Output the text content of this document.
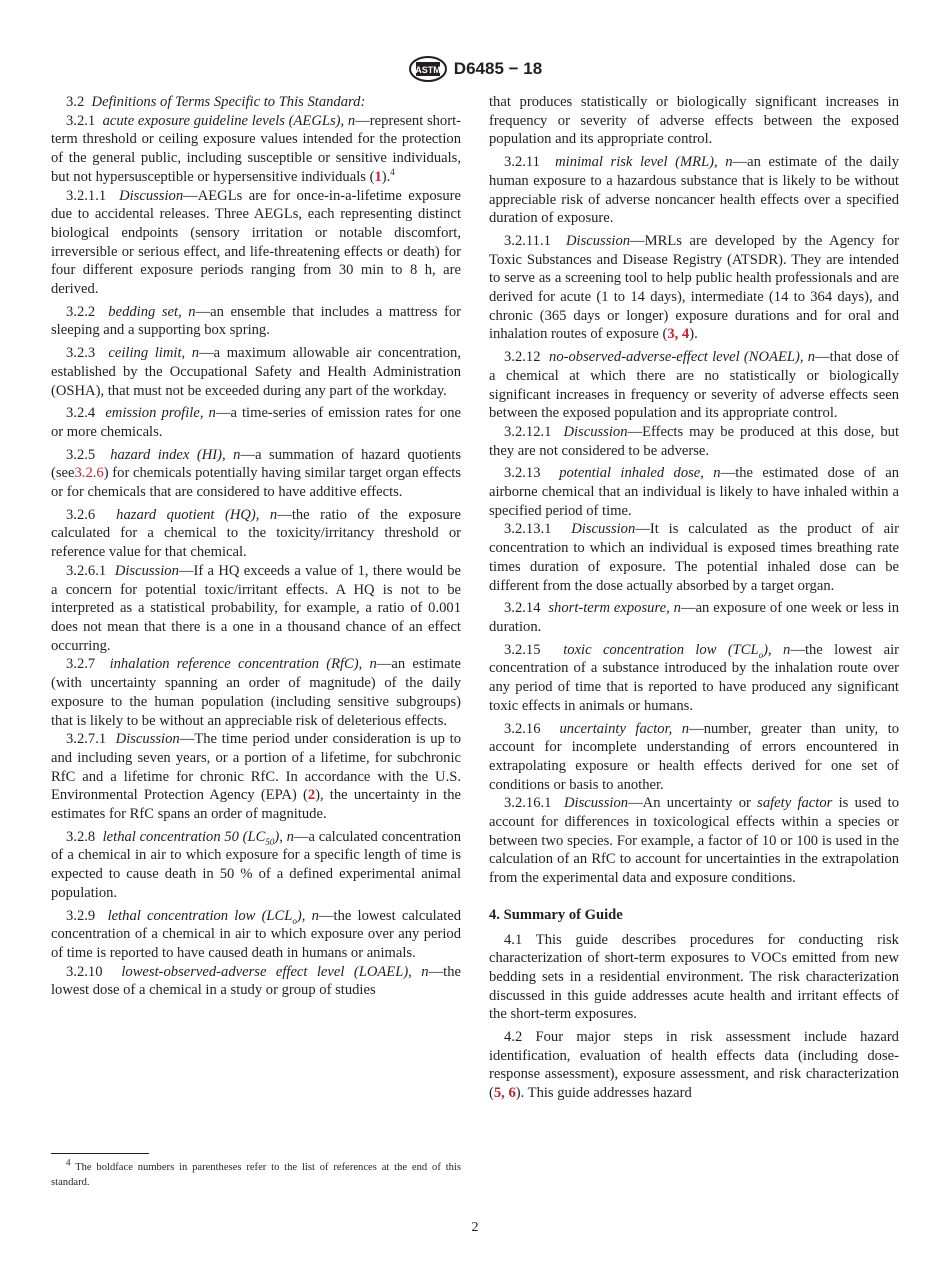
ASTM D6485 − 18

3.2 Definitions of Terms Specific to This Standard:

3.2.1 acute exposure guideline levels (AEGLs), n—represent short-term threshold or ceiling exposure values intended for the protection of the general public, including susceptible or sensitive individuals, but not hypersusceptible or hypersensitive individuals (1).$^4$

3.2.1.1 Discussion—AEGLs are for once-in-a-lifetime exposure due to accidental releases. Three AEGLs, each representing distinct biological endpoints (sensory irritation or notable discomfort, irreversible or serious effect, and life-threatening effects or death) for four different exposure periods ranging from 30 min to 8 h, are derived.

3.2.2 bedding set, n—an ensemble that includes a mattress for sleeping and a supporting box spring.

3.2.3 ceiling limit, n—a maximum allowable air concentration, established by the Occupational Safety and Health Administration (OSHA), that must not be exceeded during any part of the workday.

3.2.4 emission profile, n—a time-series of emission rates for one or more chemicals.

3.2.5 hazard index (HI), n—a summation of hazard quotients (see3.2.6) for chemicals potentially having similar target organ effects or for chemicals that are considered to have additive effects.

3.2.6 hazard quotient (HQ), n—the ratio of the exposure calculated for a chemical to the toxicity/irritancy threshold or reference value for that chemical.

3.2.6.1 Discussion—If a HQ exceeds a value of 1, there would be a concern for potential toxic/irritant effects. A HQ is not to be interpreted as a statistical probability, for example, a ratio of 0.001 does not mean that there is a one in a thousand chance of an effect occurring.

3.2.7 inhalation reference concentration (RfC), n—an estimate (with uncertainty spanning an order of magnitude) of the daily exposure to the human population (including sensitive subgroups) that is likely to be without an appreciable risk of deleterious effects.

3.2.7.1 Discussion—The time period under consideration is up to and including seven years, or a portion of a lifetime, for subchronic RfC and a lifetime for chronic RfC. In accordance with the U.S. Environmental Protection Agency (EPA) (2), the uncertainty in the estimates for RfC spans an order of magnitude.

3.2.8 lethal concentration 50 $(LC_{50})$, n—a calculated concentration of a chemical in air to which exposure for a specific length of time is expected to cause death in 50 % of a defined experimental animal population.

3.2.9 lethal concentration low $(LCL_o)$, n—the lowest calculated concentration of a chemical in air to which exposure over any period of time is reported to have caused death in humans or animals.

3.2.10 lowest-observed-adverse effect level (LOAEL), n—the lowest dose of a chemical in a study or group of studies

$^4$ The boldface numbers in parentheses refer to the list of references at the end of this standard.

that produces statistically or biologically significant increases in frequency or severity of adverse effects between the exposed population and its appropriate control.

3.2.11 minimal risk level (MRL), n—an estimate of the daily human exposure to a hazardous substance that is likely to be without appreciable risk of adverse noncancer health effects over a specified duration of exposure.

3.2.11.1 Discussion—MRLs are developed by the Agency for Toxic Substances and Disease Registry (ATSDR). They are intended to serve as a screening tool to help public health professionals and are derived for acute (1 to 14 days), intermediate (14 to 364 days), and chronic (365 days or longer) exposure durations and for oral and inhalation routes of exposure (3, 4).

3.2.12 no-observed-adverse-effect level (NOAEL), n—that dose of a chemical at which there are no statistically or biologically significant increases in frequency or severity of adverse effects seen between the exposed population and its appropriate control.

3.2.12.1 Discussion—Effects may be produced at this dose, but they are not considered to be adverse.

3.2.13 potential inhaled dose, n—the estimated dose of an airborne chemical that an individual is likely to have inhaled within a specified period of time.

3.2.13.1 Discussion—It is calculated as the product of air concentration to which an individual is exposed times breathing rate times duration of exposure. The potential inhaled dose can be different from the dose actually absorbed by a target organ.

3.2.14 short-term exposure, n—an exposure of one week or less in duration.

3.2.15 toxic concentration low $(TCL_o)$, n—the lowest air concentration of a substance introduced by the inhalation route over any period of time that is reported to have produced any significant toxic effects in animals or humans.

3.2.16 uncertainty factor, n—number, greater than unity, to account for incomplete understanding of errors encountered in extrapolating exposure or health effects derived for one set of conditions or basis to another.

3.2.16.1 Discussion—An uncertainty or safety factor is used to account for differences in toxicological effects within a species or between two species. For example, a factor of 10 or 100 is used in the calculation of an RfC to account for uncertainties in the extrapolation from the experimental data and exposure conditions.

4. Summary of Guide

4.1 This guide describes procedures for conducting risk characterization of short-term exposures to VOCs emitted from new bedding sets in a residential environment. The risk characterization discussed in this guide addresses acute health and irritant effects of the short-term exposures.

4.2 Four major steps in risk assessment include hazard identification, evaluation of health effects data (including dose-response assessment), exposure assessment, and risk characterization (5, 6). This guide addresses hazard

2
